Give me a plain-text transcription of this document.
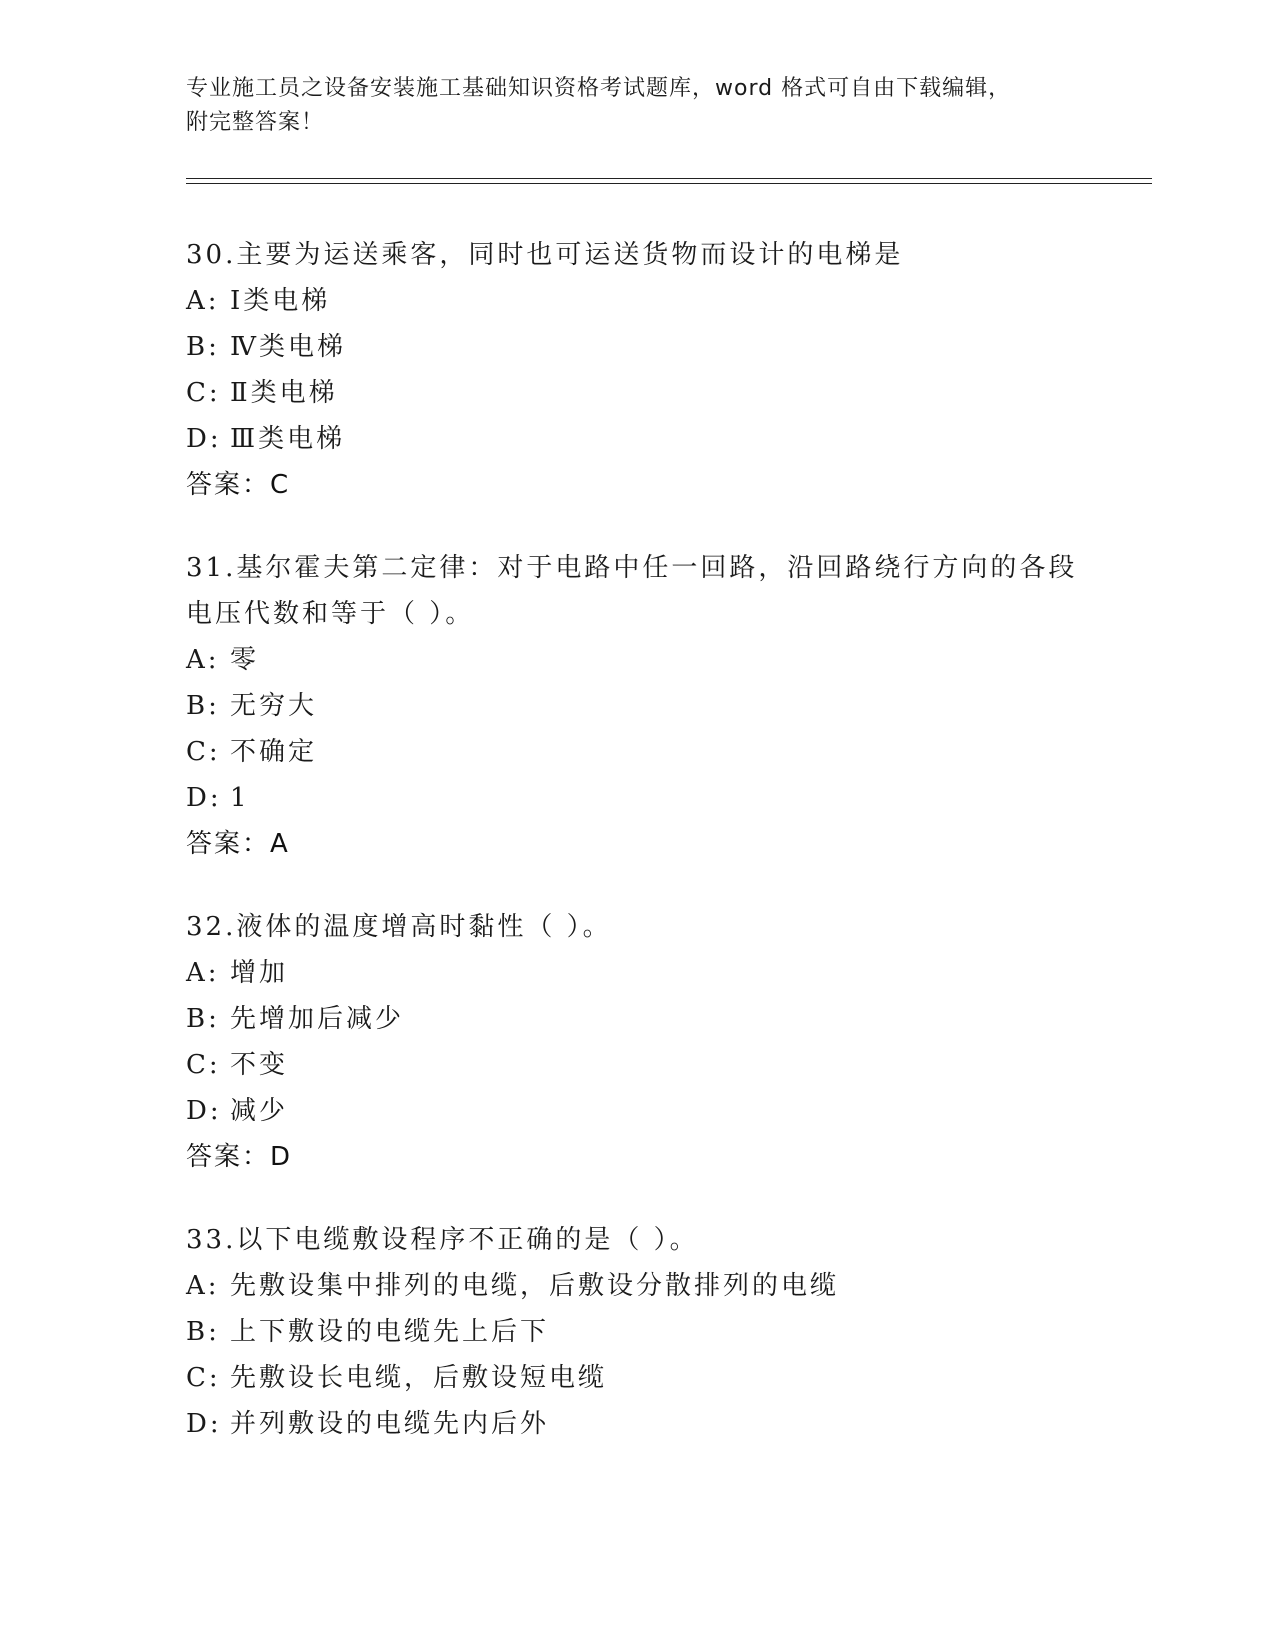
专业施工员之设备安装施工基础知识资格考试题库，word 格式可自由下载编辑，
附完整答案！
30.主要为运送乘客，同时也可运送货物而设计的电梯是
A: Ⅰ类电梯
B: Ⅳ类电梯
C: Ⅱ类电梯
D: Ⅲ类电梯
答案：C
31.基尔霍夫第二定律：对于电路中任一回路，沿回路绕行方向的各段
电压代数和等于（ ）。
A: 零
B: 无穷大
C: 不确定
D: 1
答案：A
32.液体的温度增高时黏性（ ）。
A: 增加
B: 先增加后减少
C: 不变
D: 减少
答案：D
33.以下电缆敷设程序不正确的是（ ）。
A: 先敷设集中排列的电缆，后敷设分散排列的电缆
B: 上下敷设的电缆先上后下
C: 先敷设长电缆，后敷设短电缆
D: 并列敷设的电缆先内后外
